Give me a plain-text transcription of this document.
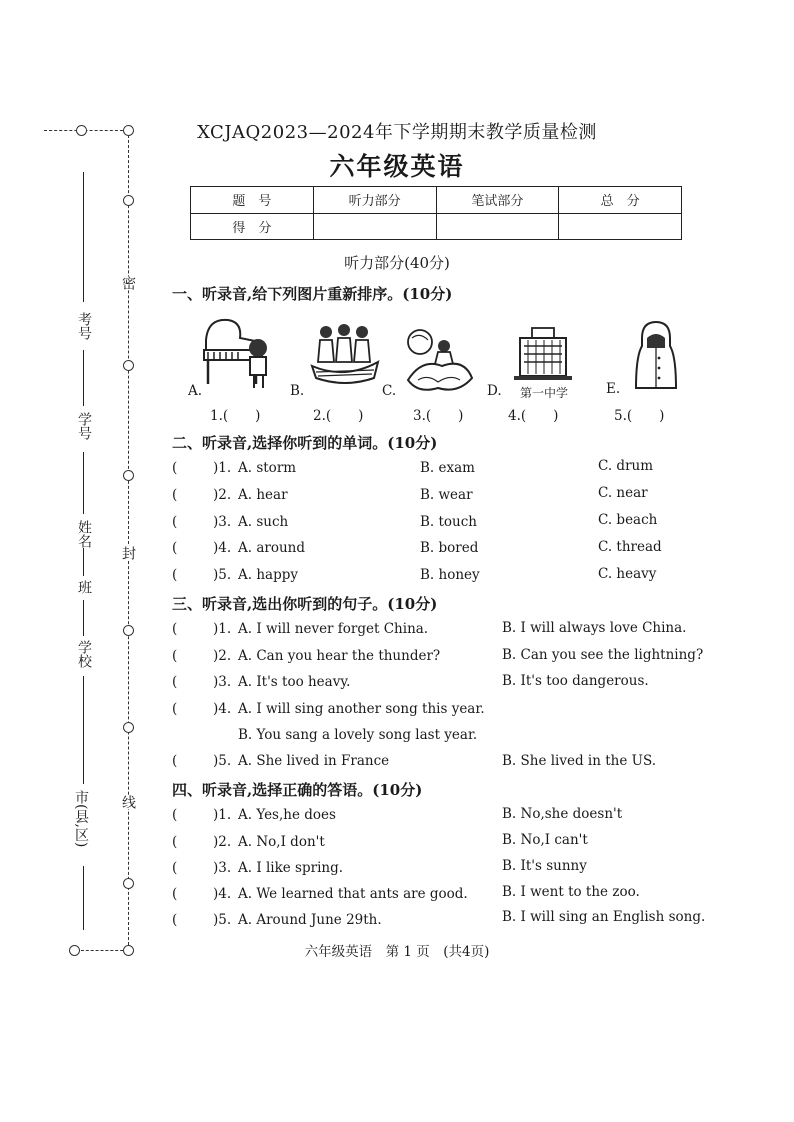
密
封
线
考号
学号
姓名
班
学校
市(县,区)
XCJAQ2023—2024年下学期期末教学质量检测
六年级英语
题　号	听力部分	笔试部分	总　分
得　分			
听力部分(40分)
一、听录音,给下列图片重新排序。(10分)
A.	B.	C.	D. 第一中学	E.
1.(　　)	2.(　　)	3.(　　)	4.(　　)	5.(　　)
二、听录音,选择你听到的单词。(10分)
(	)1. A. storm	B. exam	C. drum
(	)2. A. hear	B. wear	C. near
(	)3. A. such	B. touch	C. beach
(	)4. A. around	B. bored	C. thread
(	)5. A. happy	B. honey	C. heavy
三、听录音,选出你听到的句子。(10分)
(	)1. A. I will never forget China.	B. I will always love China.
(	)2. A. Can you hear the thunder?	B. Can you see the lightning?
(	)3. A. It's too heavy.	B. It's too dangerous.
(	)4. A. I will sing another song this year.
B. You sang a lovely song last year.
(	)5. A. She lived in France	B. She lived in the US.
四、听录音,选择正确的答语。(10分)
(	)1. A. Yes,he does	B. No,she doesn't
(	)2. A. No,I don't	B. No,I can't
(	)3. A. I like spring.	B. It's sunny
(	)4. A. We learned that ants are good.	B. I went to the zoo.
(	)5. A. Around June 29th.	B. I will sing an English song.
六年级英语　第 1 页　(共4页)
